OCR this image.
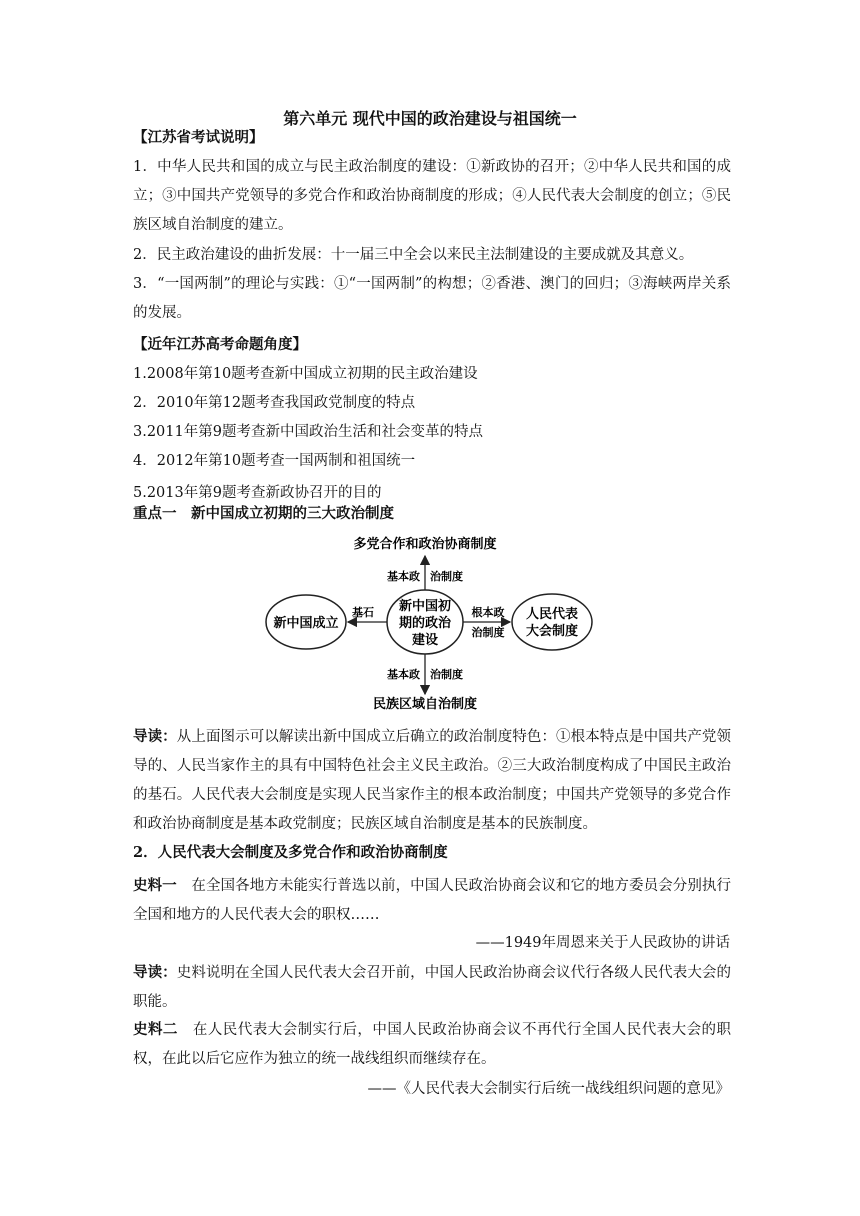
第六单元 现代中国的政治建设与祖国统一
【江苏省考试说明】
1．中华人民共和国的成立与民主政治制度的建设：①新政协的召开；②中华人民共和国的成立；③中国共产党领导的多党合作和政治协商制度的形成；④人民代表大会制度的创立；⑤民族区域自治制度的建立。
2．民主政治建设的曲折发展：十一届三中全会以来民主法制建设的主要成就及其意义。
3．“一国两制”的理论与实践：①“一国两制”的构想；②香港、澳门的回归；③海峡两岸关系的发展。
【近年江苏高考命题角度】
1.2008年第10题考查新中国成立初期的民主政治建设
2．2010年第12题考查我国政党制度的特点
3.2011年第9题考查新中国政治生活和社会变革的特点
4．2012年第10题考查一国两制和祖国统一
5.2013年第9题考查新政协召开的目的
重点一　新中国成立初期的三大政治制度
多党合作和政治协商制度
基本政 治制度
新中国初
期的政治
建设
新中国成立
基石	人民代表
大会制度
根本政
治制度
基本政 治制度
民族区域自治制度
导读：从上面图示可以解读出新中国成立后确立的政治制度特色：①根本特点是中国共产党领导的、人民当家作主的具有中国特色社会主义民主政治。②三大政治制度构成了中国民主政治的基石。人民代表大会制度是实现人民当家作主的根本政治制度；中国共产党领导的多党合作和政治协商制度是基本政党制度；民族区域自治制度是基本的民族制度。
2．人民代表大会制度及多党合作和政治协商制度
史料一　在全国各地方未能实行普选以前，中国人民政治协商会议和它的地方委员会分别执行全国和地方的人民代表大会的职权……
——1949年周恩来关于人民政协的讲话
导读：史料说明在全国人民代表大会召开前，中国人民政治协商会议代行各级人民代表大会的职能。
史料二　在人民代表大会制实行后，中国人民政治协商会议不再代行全国人民代表大会的职权，在此以后它应作为独立的统一战线组织而继续存在。
——《人民代表大会制实行后统一战线组织问题的意见》
